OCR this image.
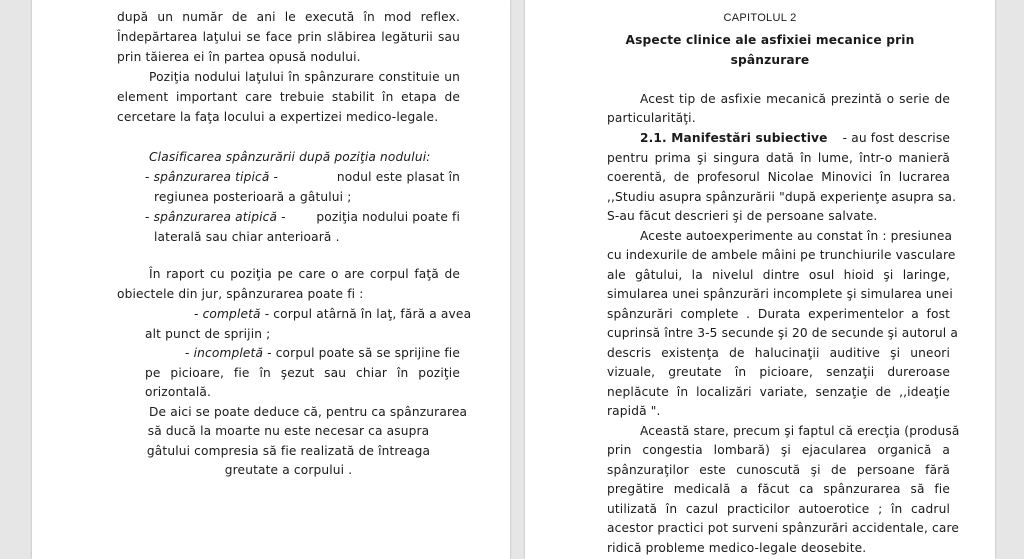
după un număr de ani le execută în mod reflex.
Îndepărtarea laţului se face prin slăbirea legăturii sau
prin tăierea ei în partea opusă nodului.
Poziţia nodului laţului în spânzurare constituie un
element important care trebuie stabilit în etapa de
cercetare la faţa locului a expertizei medico-legale.
Clasificarea spânzurării după poziţia nodului:
- spânzurarea tipică -	nodul este plasat în
regiunea posterioară a gâtului ;
- spânzurarea atipică -	poziţia nodului poate fi
laterală sau chiar anterioară .
În raport cu poziţia pe care o are corpul faţă de
obiectele din jur, spânzurarea poate fi :
- completă - corpul atârnă în laţ, fără a avea
alt punct de sprijin ;
- incompletă - corpul poate să se sprijine fie
pe picioare, fie în şezut sau chiar în poziţie
orizontală.
De aici se poate deduce că, pentru ca spânzurarea
să ducă la moarte nu este necesar ca asupra
gâtului compresia să fie realizată de întreaga
greutate a corpului .
CAPITOLUL 2
Aspecte clinice ale asfixiei mecanice prin
spânzurare
Acest tip de asfixie mecanică prezintă o serie de
particularităţi.
2.1. Manifestări subiective - au fost descrise
pentru prima şi singura dată în lume, într-o manieră
coerentă, de profesorul Nicolae Minovici în lucrarea
,,Studiu asupra spânzurării "după experienţe asupra sa.
S-au făcut descrieri şi de persoane salvate.
Aceste autoexperimente au constat în : presiunea
cu indexurile de ambele mâini pe trunchiurile vasculare
ale gâtului, la nivelul dintre osul hioid şi laringe,
simularea unei spânzurări incomplete şi simularea unei
spânzurări complete . Durata experimentelor a fost
cuprinsă între 3-5 secunde şi 20 de secunde şi autorul a
descris existenţa de halucinaţii auditive şi uneori
vizuale, greutate în picioare, senzaţii dureroase
neplăcute în localizări variate, senzaţie de ,,ideaţie
rapidă ".
Această stare, precum şi faptul că erecţia (produsă
prin congestia lombară) şi ejacularea organică a
spânzuraţilor este cunoscută şi de persoane fără
pregătire medicală a făcut ca spânzurarea să fie
utilizată în cazul practicilor autoerotice ; în cadrul
acestor practici pot surveni spânzurări accidentale, care
ridică probleme medico-legale deosebite.
